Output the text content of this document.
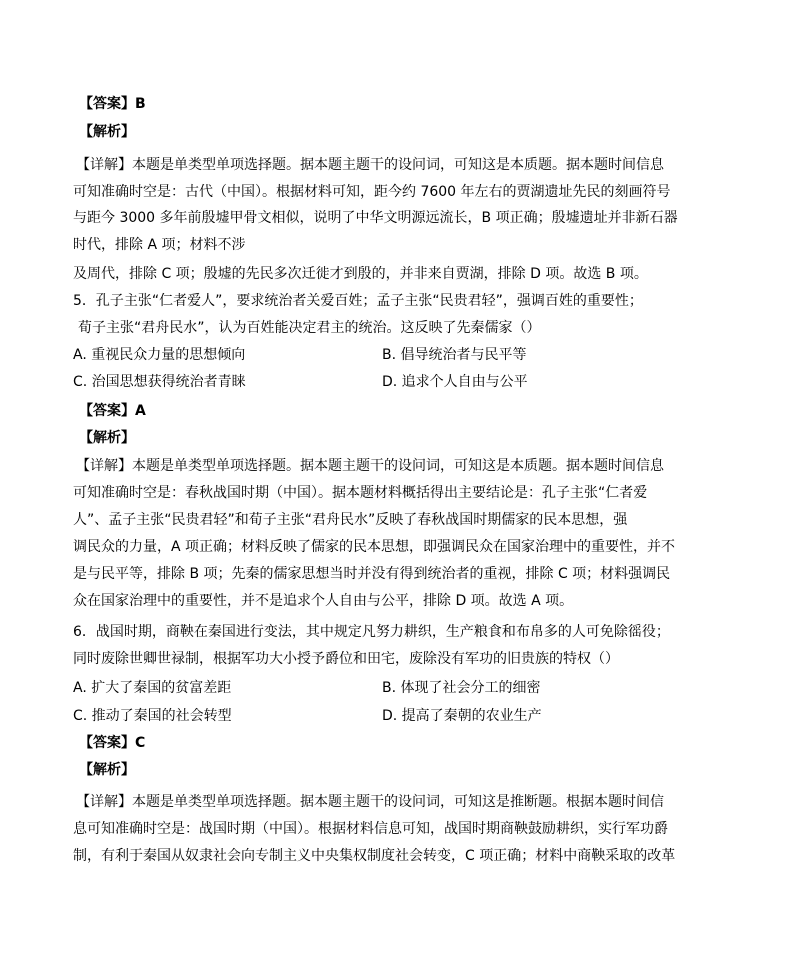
【答案】B
【解析】
【详解】本题是单类型单项选择题。据本题主题干的设问词，可知这是本质题。据本题时间信息
可知准确时空是：古代（中国）。根据材料可知，距今约 7600 年左右的贾湖遗址先民的刻画符号
与距今 3000 多年前殷墟甲骨文相似，说明了中华文明源远流长，B 项正确；殷墟遗址并非新石器
时代，排除 A 项；材料不涉
及周代，排除 C 项；殷墟的先民多次迁徙才到殷的，并非来自贾湖，排除 D 项。故选 B 项。
5．孔子主张“仁者爱人”，要求统治者关爱百姓；孟子主张“民贵君轻”，强调百姓的重要性；
荀子主张“君舟民水”，认为百姓能决定君主的统治。这反映了先秦儒家（）
A. 重视民众力量的思想倾向	B. 倡导统治者与民平等
C. 治国思想获得统治者青睐	D. 追求个人自由与公平
【答案】A
【解析】
【详解】本题是单类型单项选择题。据本题主题干的设问词，可知这是本质题。据本题时间信息
可知准确时空是：春秋战国时期（中国）。据本题材料概括得出主要结论是：孔子主张“仁者爱
人”、孟子主张“民贵君轻”和荀子主张“君舟民水”反映了春秋战国时期儒家的民本思想，强
调民众的力量，A 项正确；材料反映了儒家的民本思想，即强调民众在国家治理中的重要性，并不
是与民平等，排除 B 项；先秦的儒家思想当时并没有得到统治者的重视，排除 C 项；材料强调民
众在国家治理中的重要性，并不是追求个人自由与公平，排除 D 项。故选 A 项。
6．战国时期，商鞅在秦国进行变法，其中规定凡努力耕织，生产粮食和布帛多的人可免除徭役；
同时废除世卿世禄制，根据军功大小授予爵位和田宅，废除没有军功的旧贵族的特权（）
A. 扩大了秦国的贫富差距	B. 体现了社会分工的细密
C. 推动了秦国的社会转型	D. 提高了秦朝的农业生产
【答案】C
【解析】
【详解】本题是单类型单项选择题。据本题主题干的设问词，可知这是推断题。根据本题时间信
息可知准确时空是：战国时期（中国）。根据材料信息可知，战国时期商鞅鼓励耕织，实行军功爵
制，有利于秦国从奴隶社会向专制主义中央集权制度社会转变，C 项正确；材料中商鞅采取的改革
